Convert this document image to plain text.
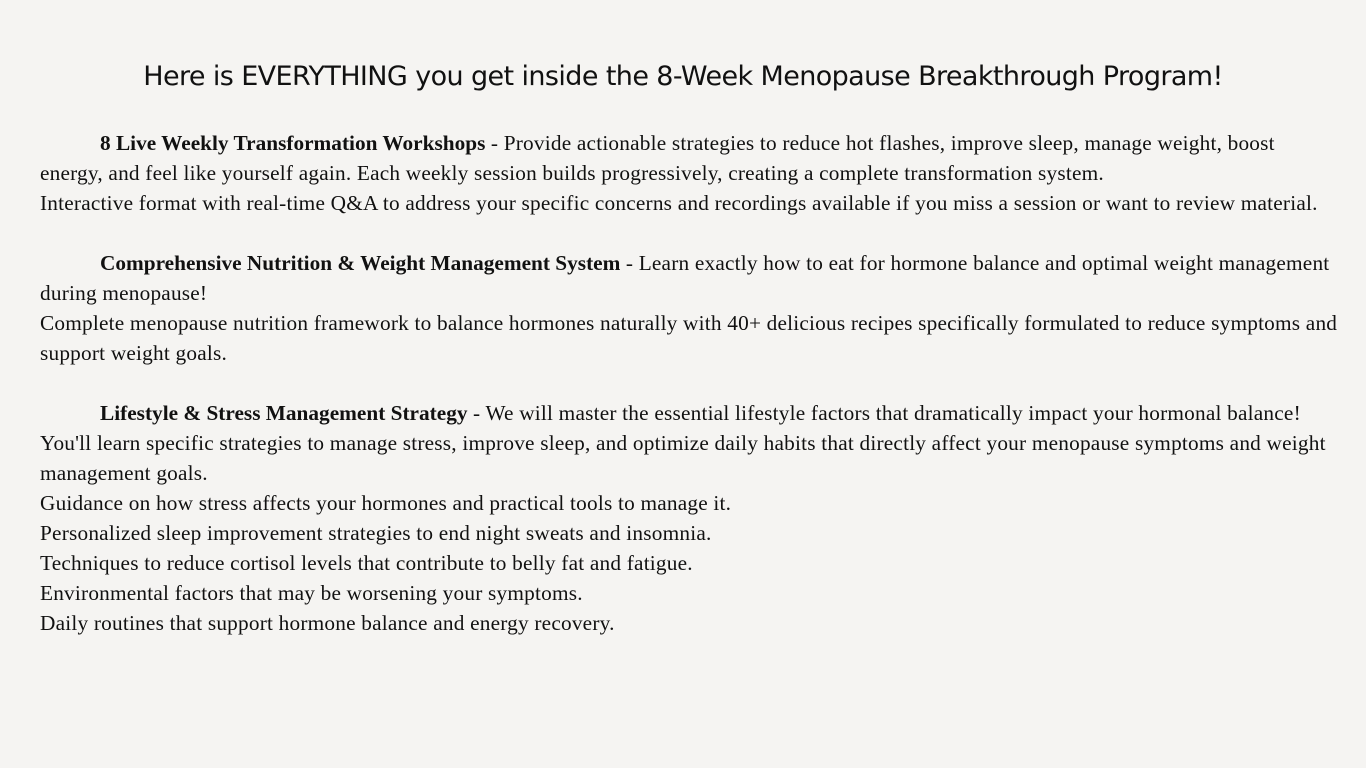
Here is EVERYTHING you get inside the 8-Week Menopause Breakthrough Program!

8 Live Weekly Transformation Workshops - Provide actionable strategies to reduce hot flashes, improve sleep, manage weight, boost energy, and feel like yourself again. Each weekly session builds progressively, creating a complete transformation system.

Interactive format with real-time Q&A to address your specific concerns and recordings available if you miss a session or want to review material.

Comprehensive Nutrition & Weight Management System - Learn exactly how to eat for hormone balance and optimal weight management during menopause!

Complete menopause nutrition framework to balance hormones naturally with 40+ delicious recipes specifically formulated to reduce symptoms and support weight goals.

Lifestyle & Stress Management Strategy - We will master the essential lifestyle factors that dramatically impact your hormonal balance!

You'll learn specific strategies to manage stress, improve sleep, and optimize daily habits that directly affect your menopause symptoms and weight management goals.

Guidance on how stress affects your hormones and practical tools to manage it.

Personalized sleep improvement strategies to end night sweats and insomnia.

Techniques to reduce cortisol levels that contribute to belly fat and fatigue.

Environmental factors that may be worsening your symptoms.

Daily routines that support hormone balance and energy recovery.
